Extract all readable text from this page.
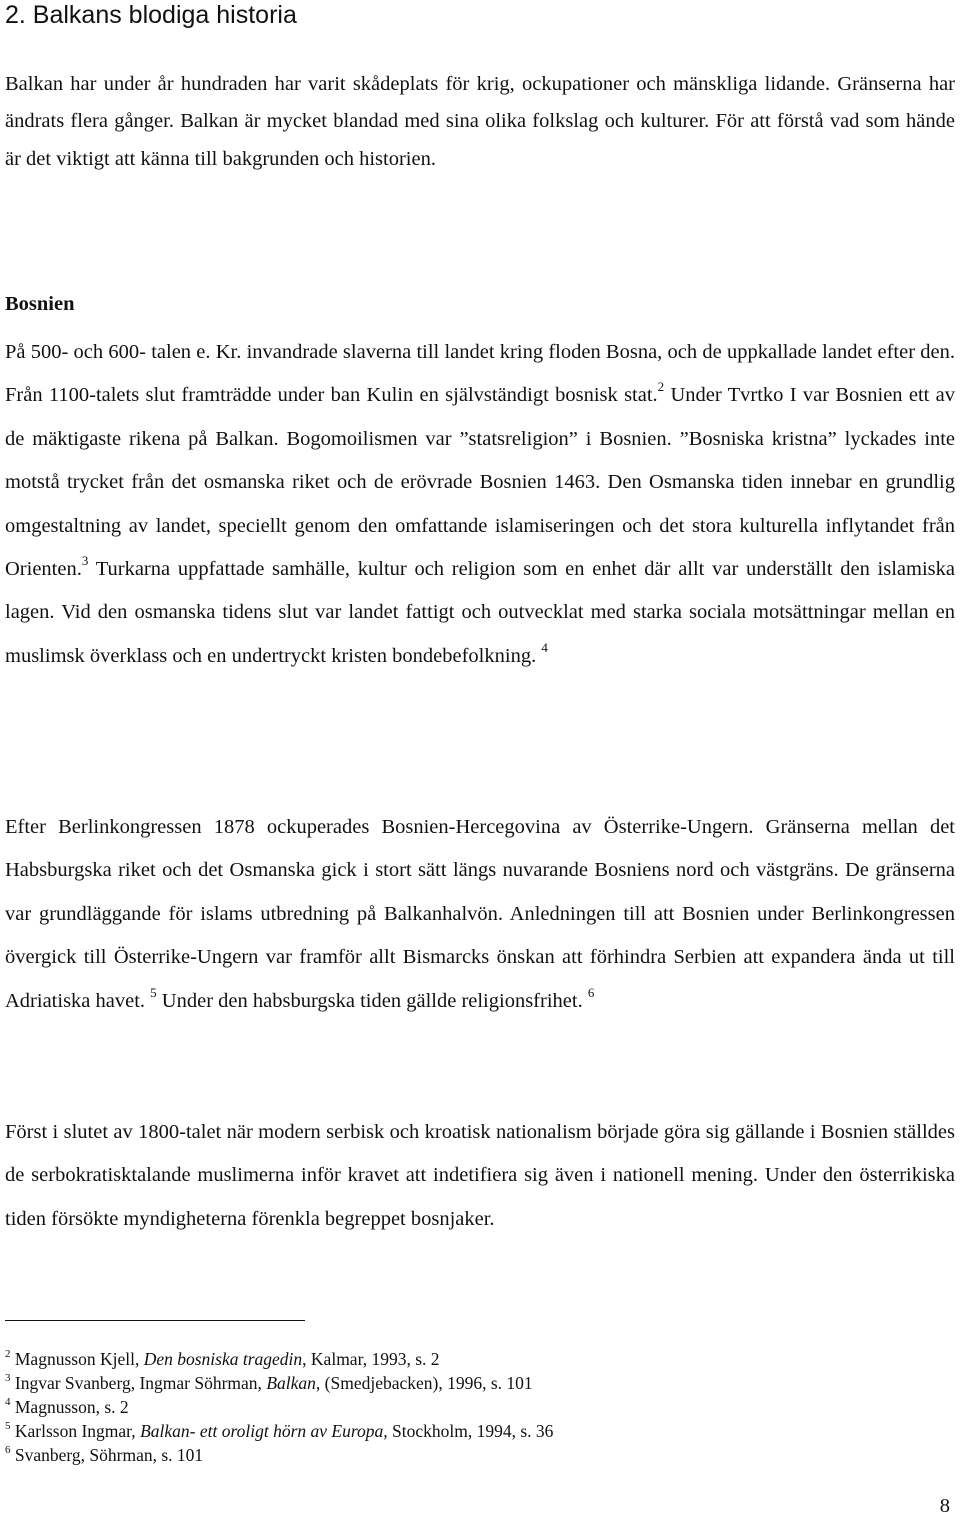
2. Balkans blodiga historia

Balkan har under år hundraden har varit skådeplats för krig, ockupationer och mänskliga lidande. Gränserna har ändrats flera gånger. Balkan är mycket blandad med sina olika folkslag och kulturer. För att förstå vad som hände är det viktigt att känna till bakgrunden och historien.

Bosnien

På 500- och 600- talen e. Kr. invandrade slaverna till landet kring floden Bosna, och de uppkallade landet efter den. Från 1100-talets slut framträdde under ban Kulin en självständigt bosnisk stat.$^2$ Under Tvrtko I var Bosnien ett av de mäktigaste rikena på Balkan. Bogomoilismen var ”statsreligion” i Bosnien. ”Bosniska kristna” lyckades inte motstå trycket från det osmanska riket och de erövrade Bosnien 1463. Den Osmanska tiden innebar en grundlig omgestaltning av landet, speciellt genom den omfattande islamiseringen och det stora kulturella inflytandet från Orienten.$^3$ Turkarna uppfattade samhälle, kultur och religion som en enhet där allt var underställt den islamiska lagen. Vid den osmanska tidens slut var landet fattigt och outvecklat med starka sociala motsättningar mellan en muslimsk överklass och en undertryckt kristen bondebefolkning. $^4$

Efter Berlinkongressen 1878 ockuperades Bosnien-Hercegovina av Österrike-Ungern. Gränserna mellan det Habsburgska riket och det Osmanska gick i stort sätt längs nuvarande Bosniens nord och västgräns. De gränserna var grundläggande för islams utbredning på Balkanhalvön. Anledningen till att Bosnien under Berlinkongressen övergick till Österrike-Ungern var framför allt Bismarcks önskan att förhindra Serbien att expandera ända ut till Adriatiska havet. $^5$ Under den habsburgska tiden gällde religionsfrihet. $^6$

Först i slutet av 1800-talet när modern serbisk och kroatisk nationalism började göra sig gällande i Bosnien ställdes de serbokratisktalande muslimerna inför kravet att indetifiera sig även i nationell mening. Under den österrikiska tiden försökte myndigheterna förenkla begreppet bosnjaker.

$^2$ Magnusson Kjell, Den bosniska tragedin, Kalmar, 1993, s. 2

$^3$ Ingvar Svanberg, Ingmar Söhrman, Balkan, (Smedjebacken), 1996, s. 101

$^4$ Magnusson, s. 2

$^5$ Karlsson Ingmar, Balkan- ett oroligt hörn av Europa, Stockholm, 1994, s. 36

$^6$ Svanberg, Söhrman, s. 101

8
